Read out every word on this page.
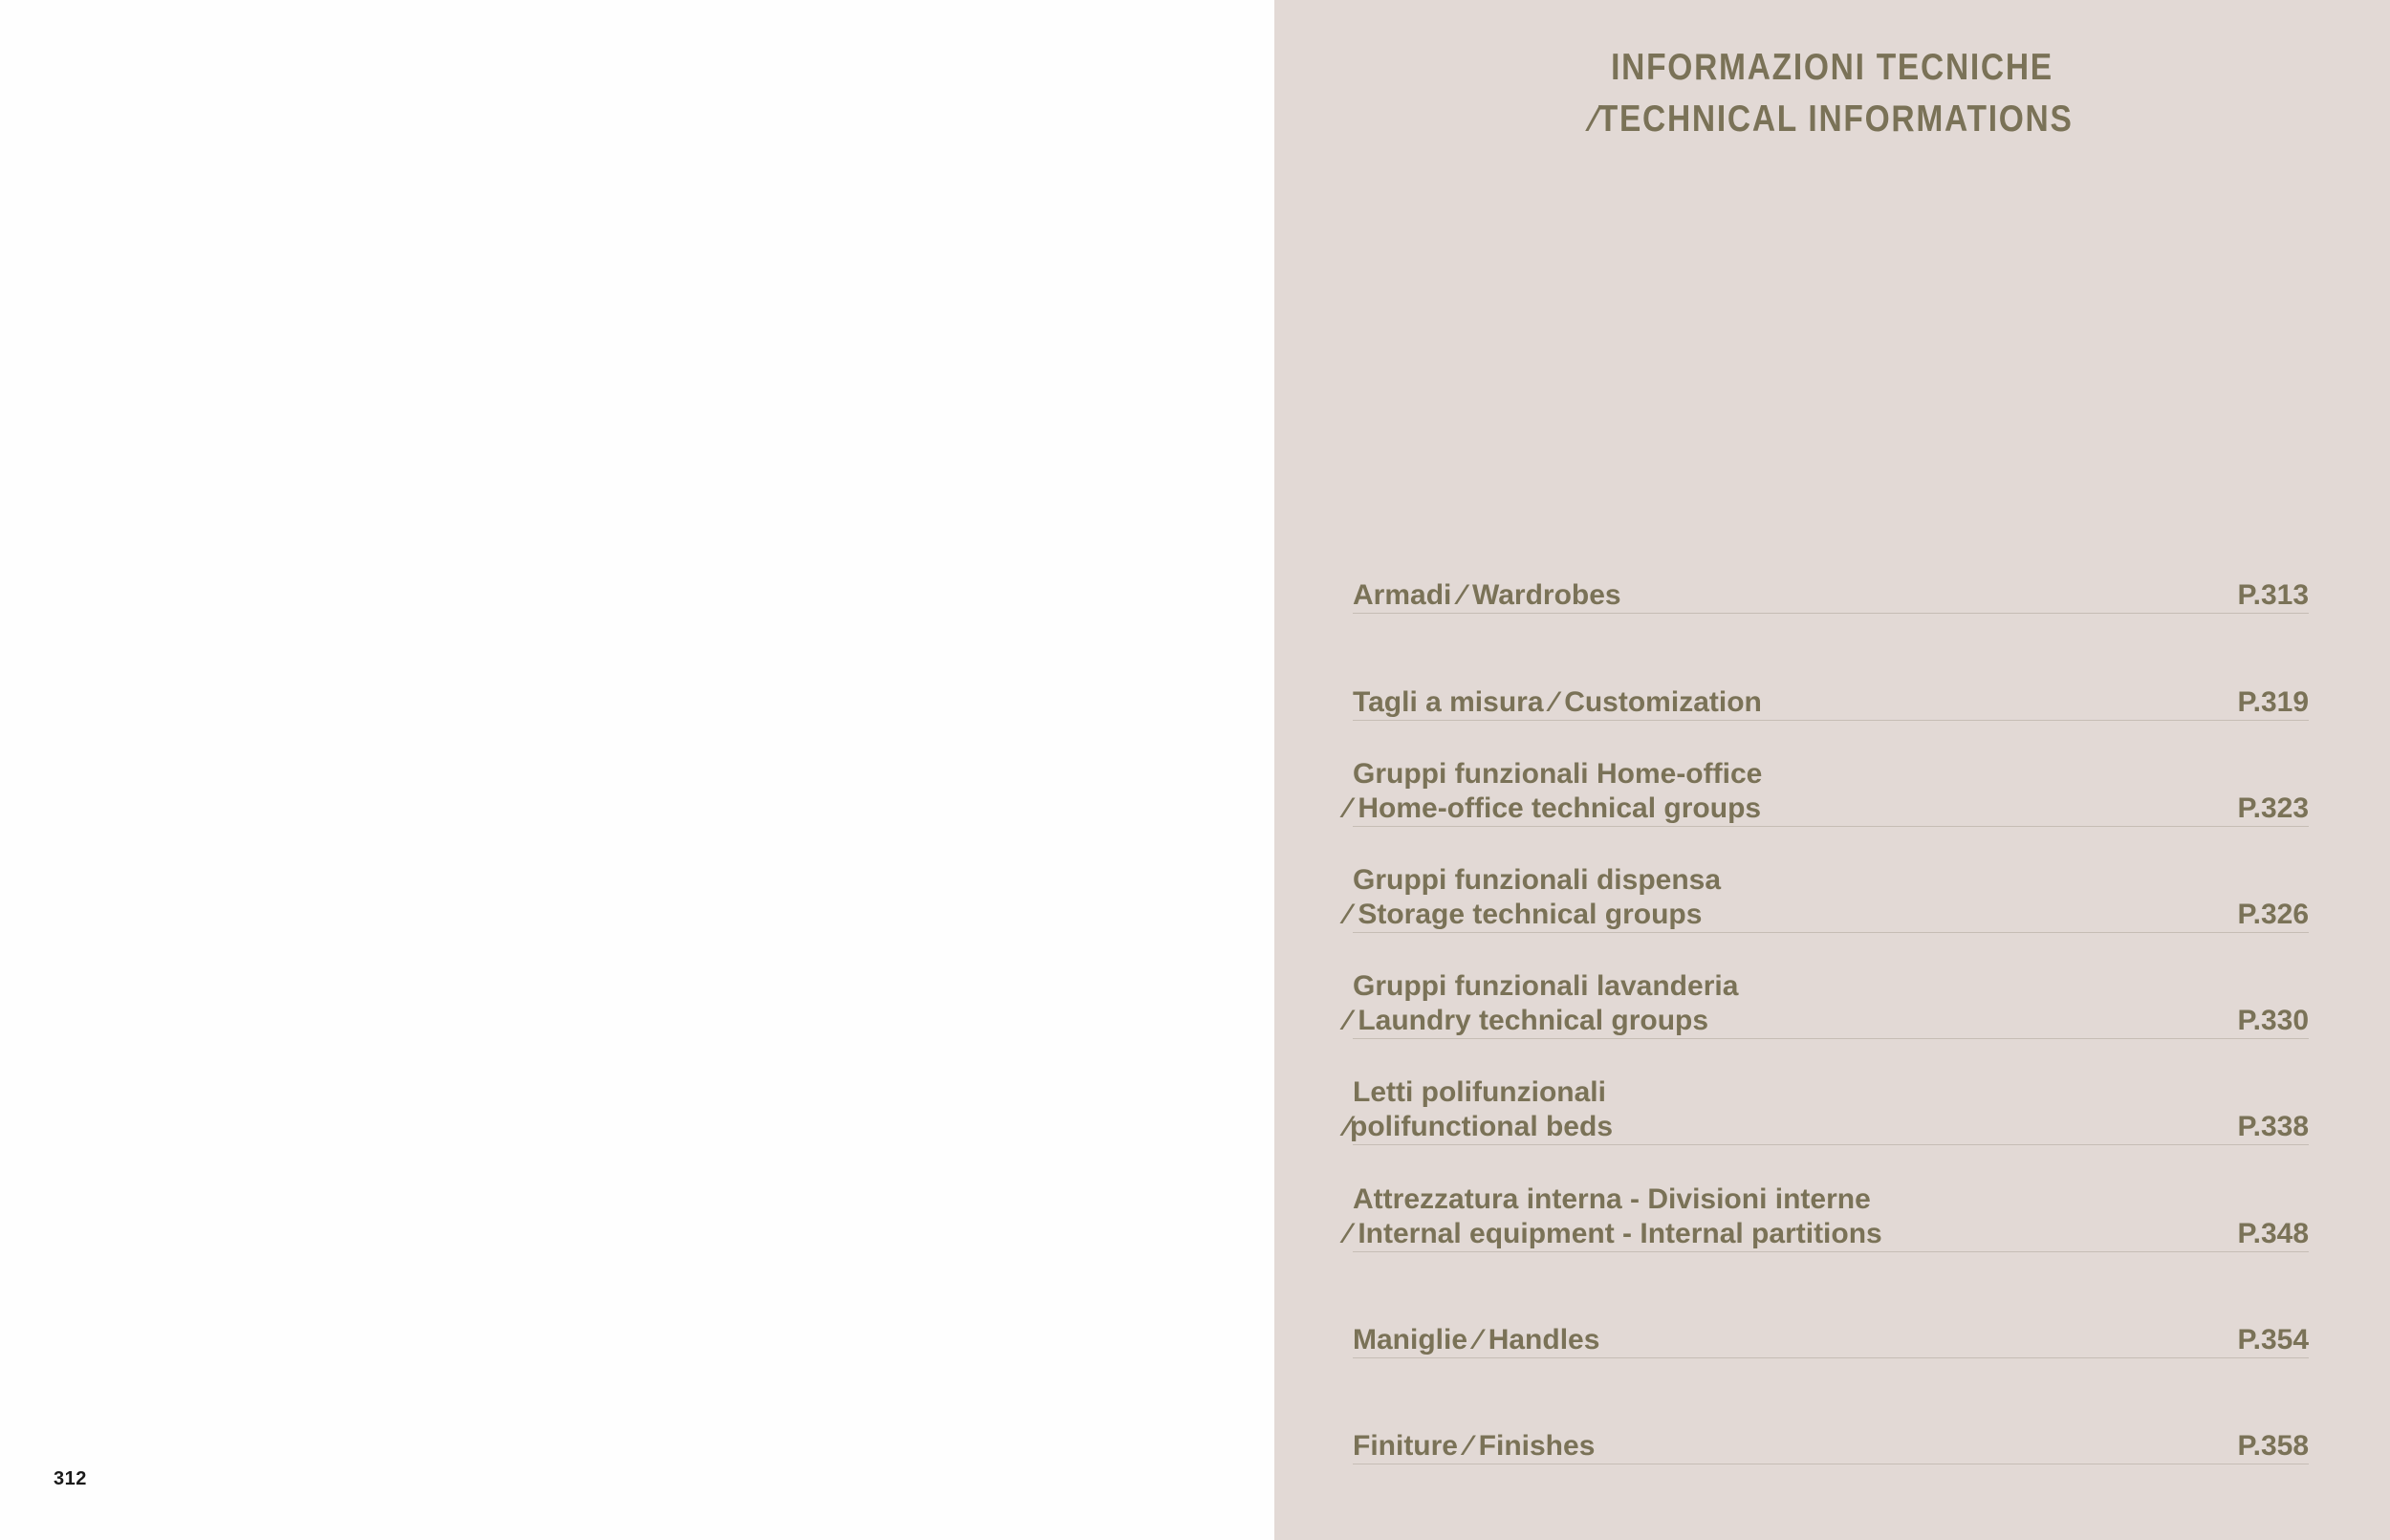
312
INFORMAZIONI TECNICHE
⁄TECHNICAL INFORMATIONS
Armadi ⁄ Wardrobes	P.313
Tagli a misura ⁄ Customization	P.319
Gruppi funzionali Home-office
⁄ Home-office technical groups	P.323
Gruppi funzionali dispensa
⁄ Storage technical groups	P.326
Gruppi funzionali lavanderia
⁄ Laundry technical groups	P.330
Letti polifunzionali
⁄polifunctional beds	P.338
Attrezzatura interna - Divisioni interne
⁄ Internal equipment - Internal partitions	P.348
Maniglie ⁄ Handles	P.354
Finiture ⁄ Finishes	P.358
